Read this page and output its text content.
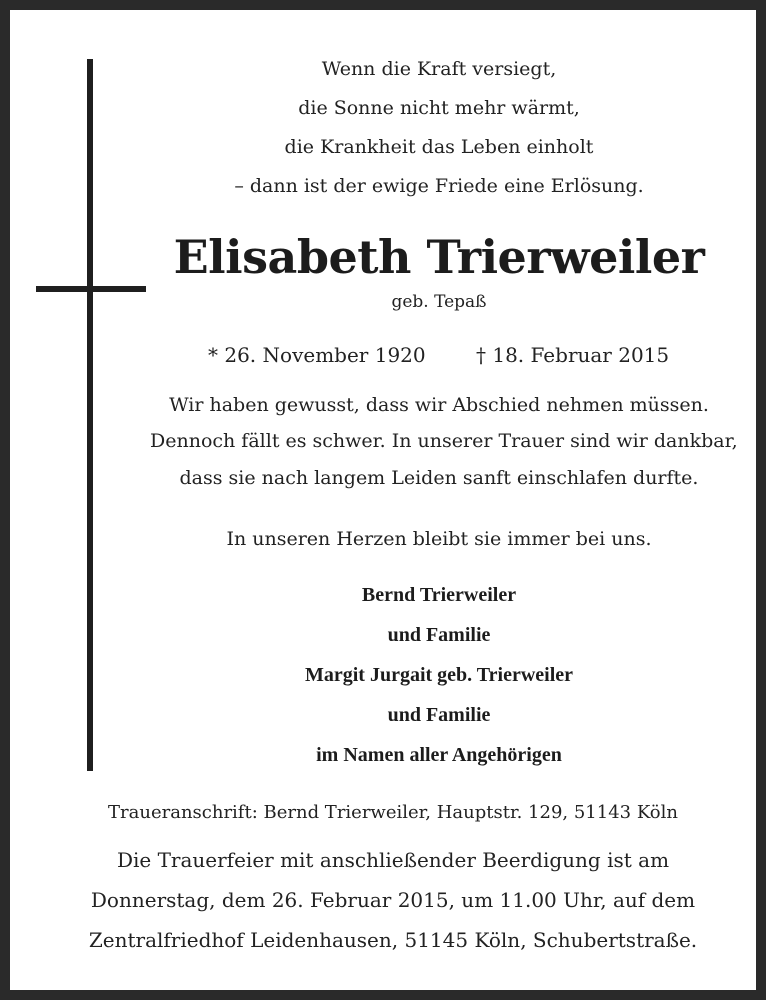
Wenn die Kraft versiegt,
die Sonne nicht mehr wärmt,
die Krankheit das Leben einholt
– dann ist der ewige Friede eine Erlösung.
Elisabeth Trierweiler
geb. Tepaß
* 26. November 1920	† 18. Februar 2015
Wir haben gewusst, dass wir Abschied nehmen müssen.
Dennoch fällt es schwer. In unserer Trauer sind wir dankbar,
dass sie nach langem Leiden sanft einschlafen durfte.
In unseren Herzen bleibt sie immer bei uns.
Bernd Trierweiler
und Familie
Margit Jurgait geb. Trierweiler
und Familie
im Namen aller Angehörigen
Traueranschrift: Bernd Trierweiler, Hauptstr. 129, 51143 Köln
Die Trauerfeier mit anschließender Beerdigung ist am
Donnerstag, dem 26. Februar 2015, um 11.00 Uhr, auf dem
Zentralfriedhof Leidenhausen, 51145 Köln, Schubertstraße.
